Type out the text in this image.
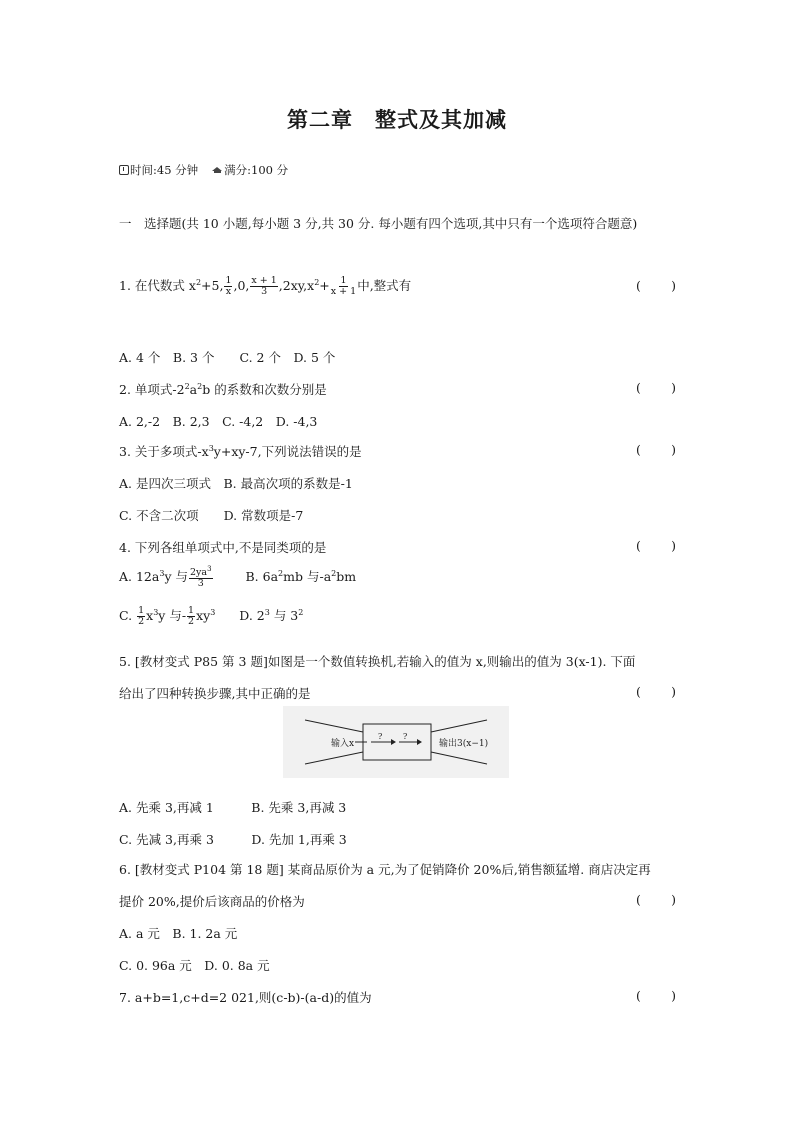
第二章　整式及其加减
时间:45 分钟 满分:100 分
一　选择题(共 10 小题,每小题 3 分,共 30 分. 每小题有四个选项,其中只有一个选项符合题意)
1. 在代数式 $x^2+5$, $\frac{1}{x} ,0$, $\frac{x + 1}{3} ,2xy,x^2+ \frac{1}{x + 1}$ 中,整式有	( )
A. 4 个　B. 3 个　　C. 2 个　D. 5 个
2. 单项式$-2^2a^2b$ 的系数和次数分别是	( )
A. 2,-2　B. 2,3　C. -4,2　D. -4,3
3. 关于多项式$-x^3y+xy-7$,下列说法错误的是	( )
A. 是四次三项式　B. 最高次项的系数是-1
C. 不含二次项　　D. 常数项是-7
4. 下列各组单项式中,不是同类项的是	( )
A. $12a^3y$ 与 $\frac{2ya^3}{3}$	B. $6a^2mb$ 与$-a^2bm$
C. $\frac{1}{2} x^3y$ 与- $\frac{1}{2} xy^3$ D. $2^3$ 与 $3^2$
5. [教材变式 P85 第 3 题]如图是一个数值转换机,若输入的值为 x,则输出的值为 3(x-1). 下面
给出了四种转换步骤,其中正确的是	( )
输入x
?	?
输出3(x−1)
A. 先乘 3,再减 1　　　B. 先乘 3,再减 3
C. 先减 3,再乘 3　　　D. 先加 1,再乘 3
6. [教材变式 P104 第 18 题] 某商品原价为 a 元,为了促销降价 20%后,销售额猛增. 商店决定再
提价 20%,提价后该商品的价格为	( )
A. a 元　B. 1. 2a 元
C. 0. 96a 元　D. 0. 8a 元
7. a+b=1,c+d=2 021,则(c-b)-(a-d)的值为	( )
